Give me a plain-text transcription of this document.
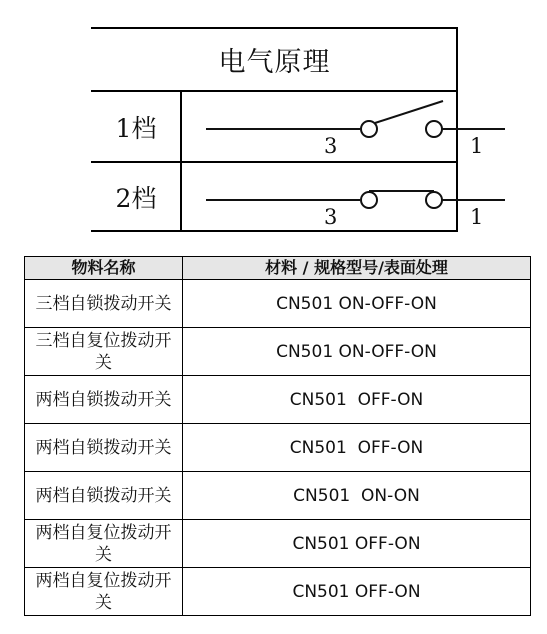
电气原理
1档
3	1
2档
3	1
物料名称	材料 / 规格型号/表面处理
三档自锁拨动开关	CN501 ON-OFF-ON
三档自复位拨动开关	CN501 ON-OFF-ON
两档自锁拨动开关	CN501  OFF-ON
两档自锁拨动开关	CN501  OFF-ON
两档自锁拨动开关	CN501  ON-ON
两档自复位拨动开关	CN501 OFF-ON
两档自复位拨动开关	CN501 OFF-ON
